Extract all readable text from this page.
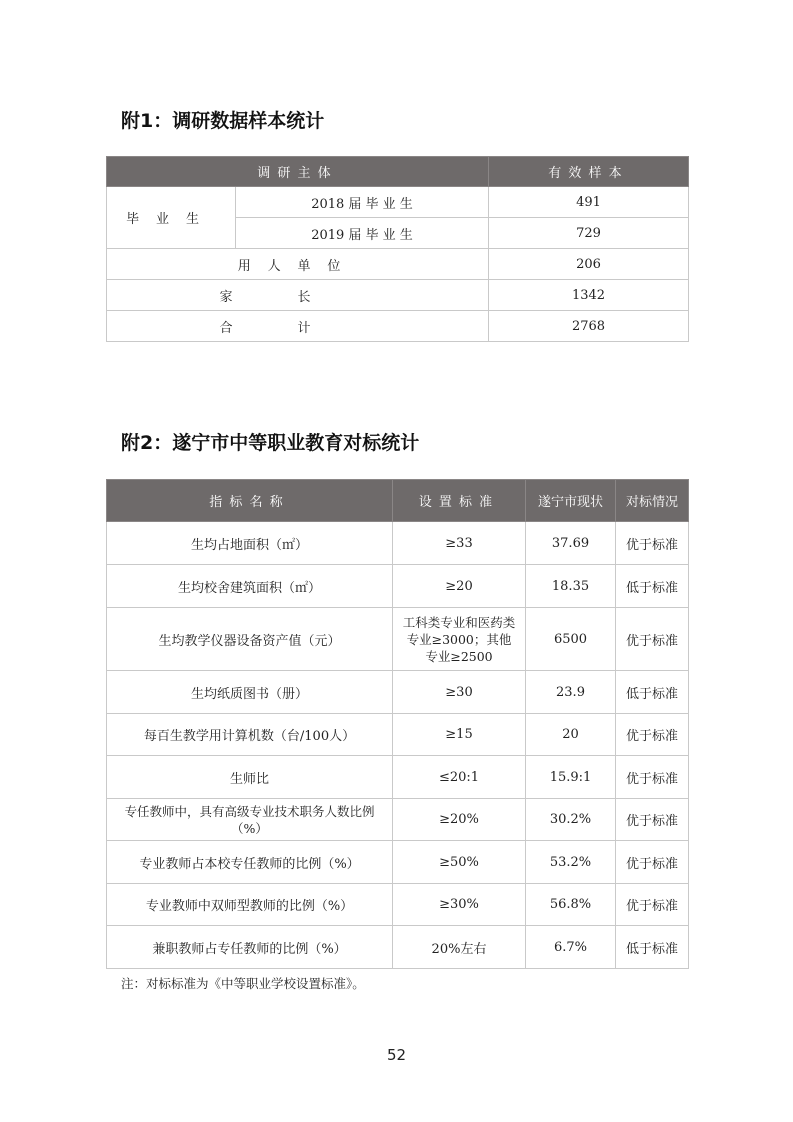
附1：调研数据样本统计
调研主体		有效样本
毕业生	2018 届 毕 业 生	491
	2019 届 毕 业 生	729
用人单位		206
家长		1342
合计		2768
附2：遂宁市中等职业教育对标统计
指标名称	设置标准	遂宁市现状	对标情况
生均占地面积（㎡）	≥33	37.69	优于标准
生均校舍建筑面积（㎡）	≥20	18.35	低于标准
生均教学仪器设备资产值（元）	工科类专业和医药类专业≥3000；其他专业≥2500	6500	优于标准
生均纸质图书（册）	≥30	23.9	低于标准
每百生教学用计算机数（台/100人）	≥15	20	优于标准
生师比	≤20:1	15.9:1	优于标准
专任教师中，具有高级专业技术职务人数比例（%）	≥20%	30.2%	优于标准
专业教师占本校专任教师的比例（%）	≥50%	53.2%	优于标准
专业教师中双师型教师的比例（%）	≥30%	56.8%	优于标准
兼职教师占专任教师的比例（%）	20%左右	6.7%	低于标准
注：对标标准为《中等职业学校设置标准》。
52
